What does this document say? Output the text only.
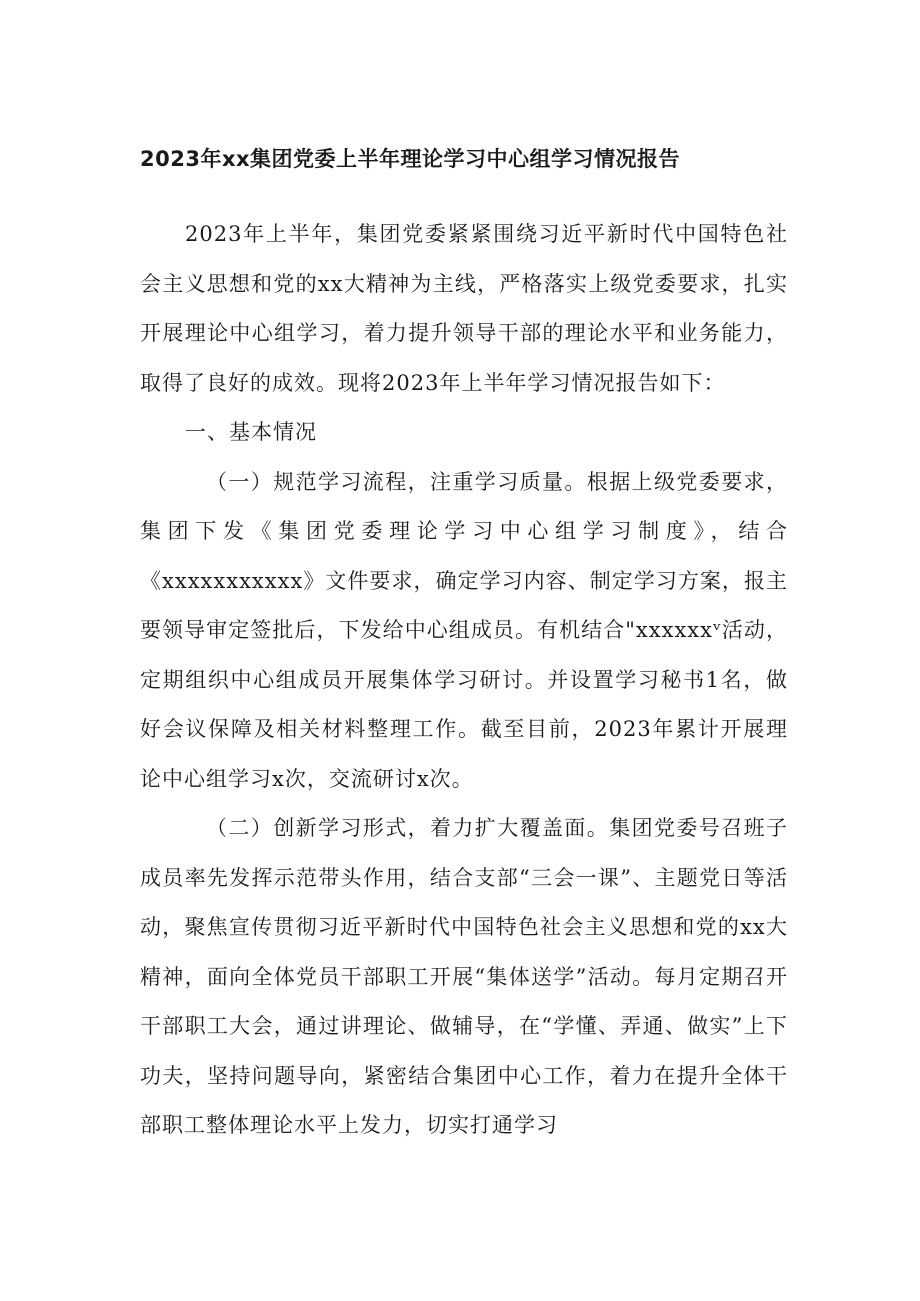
2023年xx集团党委上半年理论学习中心组学习情况报告

2023年上半年，集团党委紧紧围绕习近平新时代中国特色社会主义思想和党的xx大精神为主线，严格落实上级党委要求，扎实开展理论中心组学习，着力提升领导干部的理论水平和业务能力，取得了良好的成效。现将2023年上半年学习情况报告如下：

一、基本情况

（一）规范学习流程，注重学习质量。根据上级党委要求，集团下发《集团党委理论学习中心组学习制度》，结合《xxxxxxxxxxx》文件要求，确定学习内容、制定学习方案，报主要领导审定签批后，下发给中心组成员。有机结合"xxxxxxᵛ活动，定期组织中心组成员开展集体学习研讨。并设置学习秘书1名，做好会议保障及相关材料整理工作。截至目前，2023年累计开展理论中心组学习x次，交流研讨x次。

（二）创新学习形式，着力扩大覆盖面。集团党委号召班子成员率先发挥示范带头作用，结合支部“三会一课”、主题党日等活动，聚焦宣传贯彻习近平新时代中国特色社会主义思想和党的xx大精神，面向全体党员干部职工开展“集体送学”活动。每月定期召开干部职工大会，通过讲理论、做辅导，在“学懂、弄通、做实”上下功夫，坚持问题导向，紧密结合集团中心工作，着力在提升全体干部职工整体理论水平上发力，切实打通学习
